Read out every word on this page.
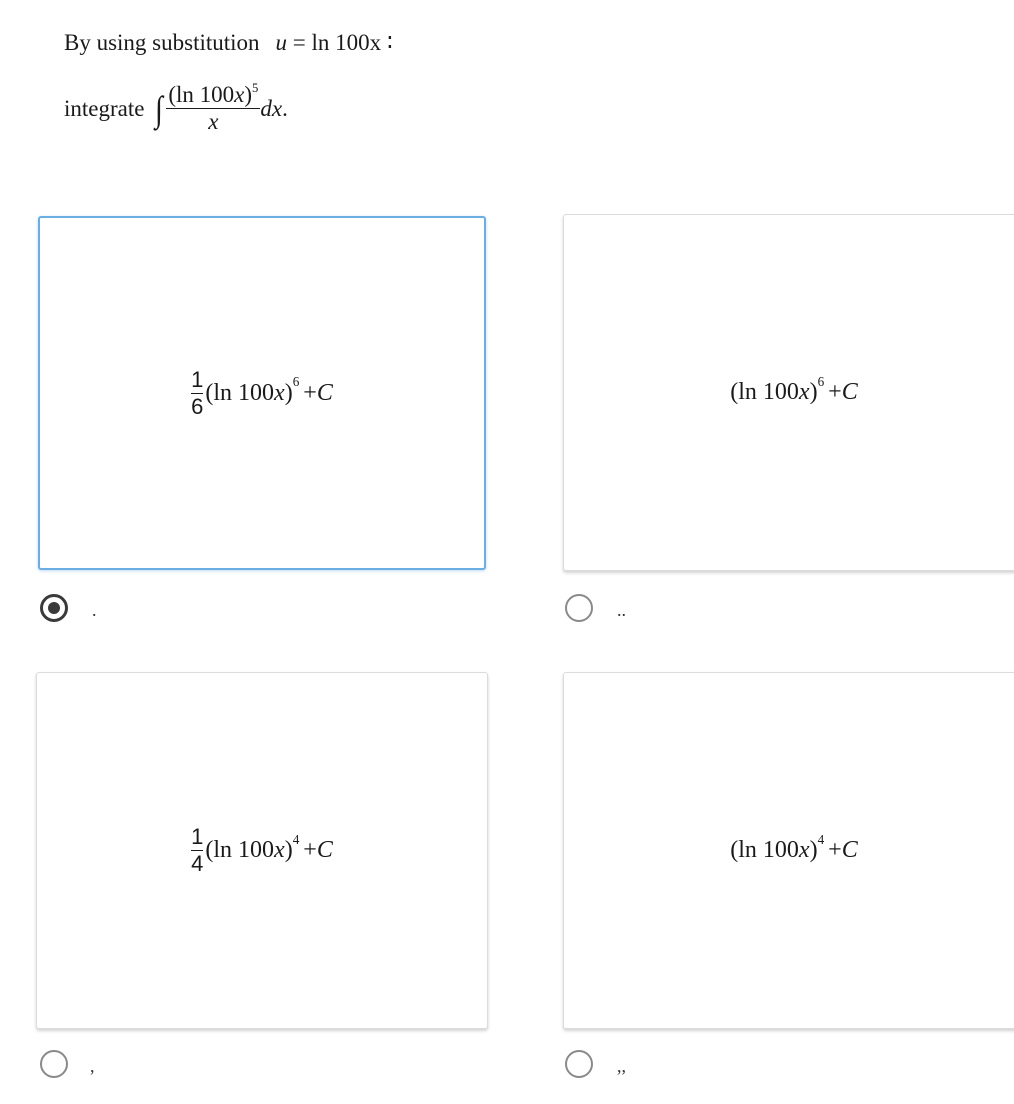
By using substitution u = ln 100x ∶
integrate ∫ $\frac{(\ln 100x)^5}{x}$ dx .
$\frac{1}{6} (\ln$ 100 x ) 6 + C
.
(ln 100 x ) 6 + C
..
$\frac{1}{4} (\ln$ 100 x ) 4 + C
,
(ln 100 x ) 4 + C
,,
